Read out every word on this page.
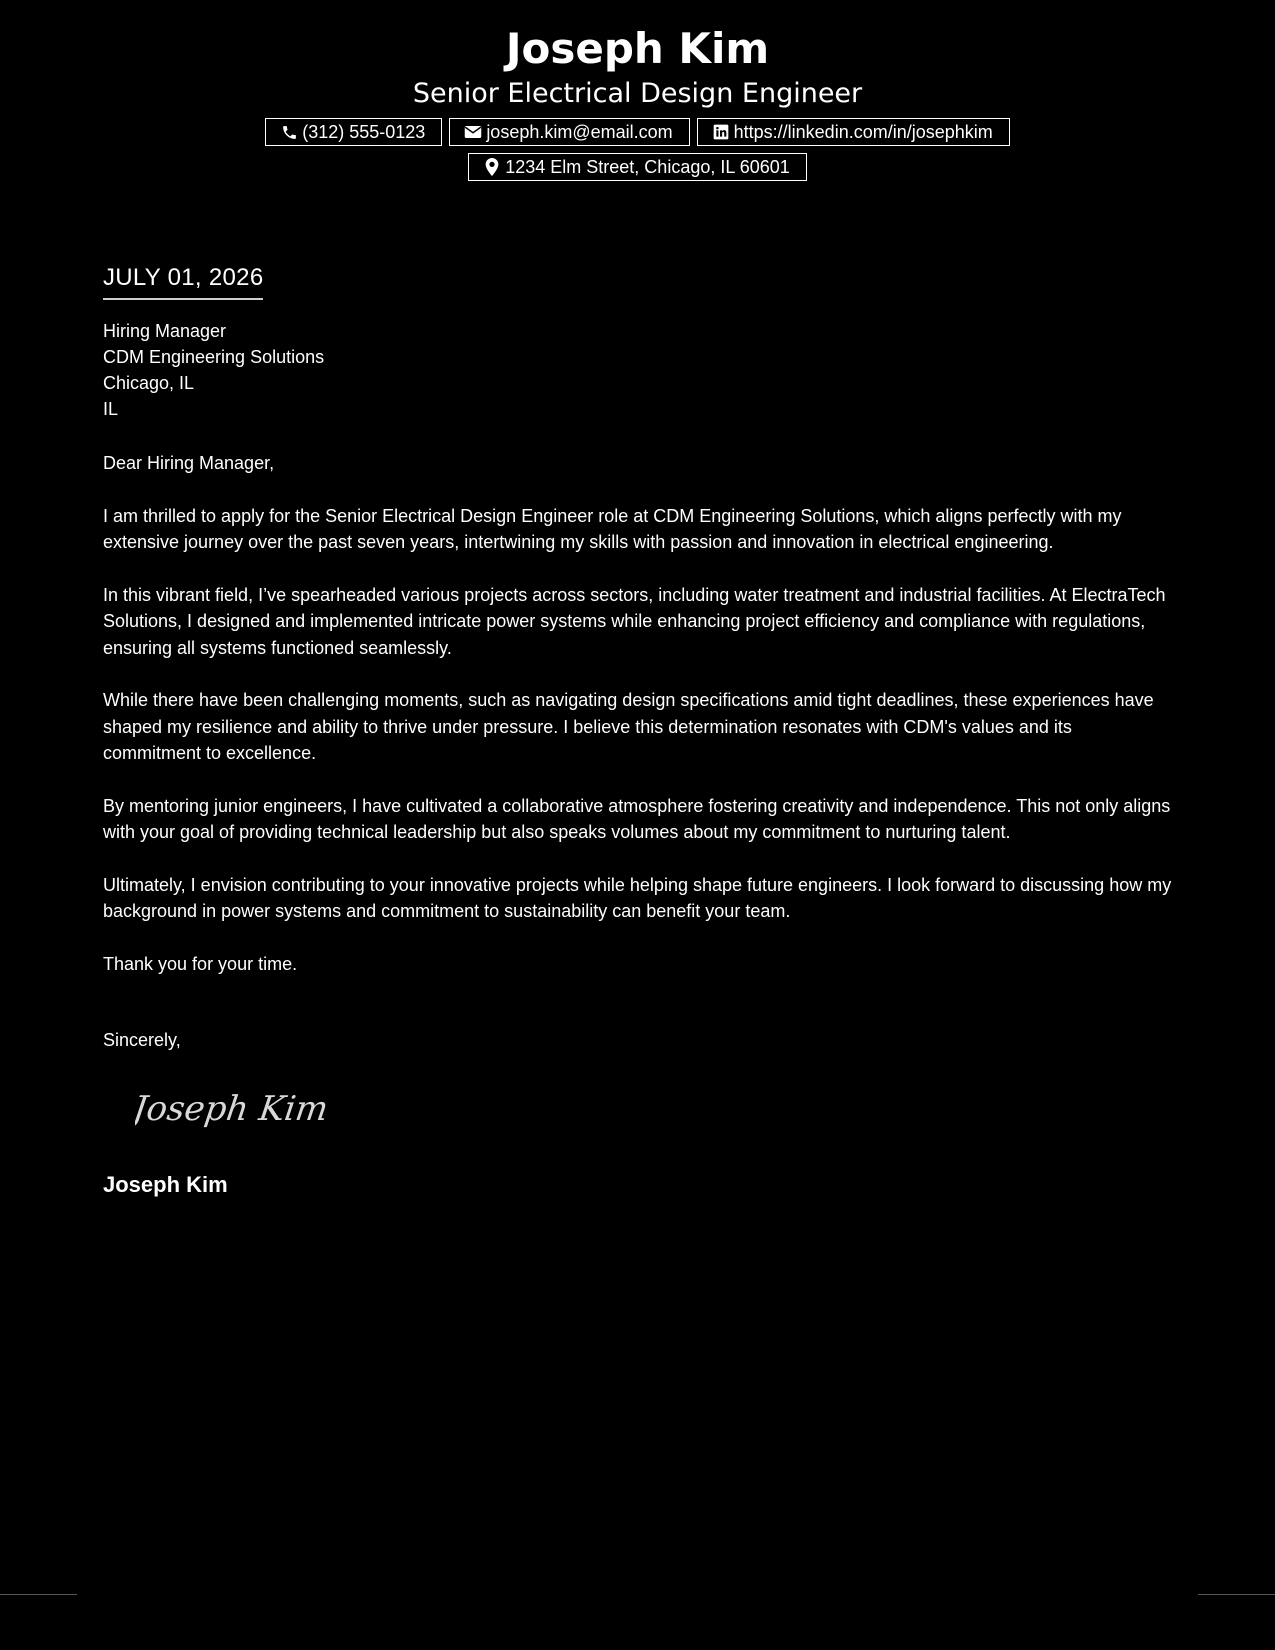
Joseph Kim
Senior Electrical Design Engineer
(312) 555-0123	joseph.kim@email.com	https://linkedin.com/in/josephkim
1234 Elm Street, Chicago, IL 60601
JULY 01, 2026
Hiring Manager
CDM Engineering Solutions
Chicago, IL
IL
Dear Hiring Manager,

I am thrilled to apply for the Senior Electrical Design Engineer role at CDM Engineering Solutions, which aligns perfectly with my extensive journey over the past seven years, intertwining my skills with passion and innovation in electrical engineering.

In this vibrant field, I’ve spearheaded various projects across sectors, including water treatment and industrial facilities. At ElectraTech Solutions, I designed and implemented intricate power systems while enhancing project efficiency and compliance with regulations, ensuring all systems functioned seamlessly.

While there have been challenging moments, such as navigating design specifications amid tight deadlines, these experiences have shaped my resilience and ability to thrive under pressure. I believe this determination resonates with CDM's values and its commitment to excellence.

By mentoring junior engineers, I have cultivated a collaborative atmosphere fostering creativity and independence. This not only aligns with your goal of providing technical leadership but also speaks volumes about my commitment to nurturing talent.

Ultimately, I envision contributing to your innovative projects while helping shape future engineers. I look forward to discussing how my background in power systems and commitment to sustainability can benefit your team.

Thank you for your time.

Sincerely,
Joseph Kim
Joseph Kim
